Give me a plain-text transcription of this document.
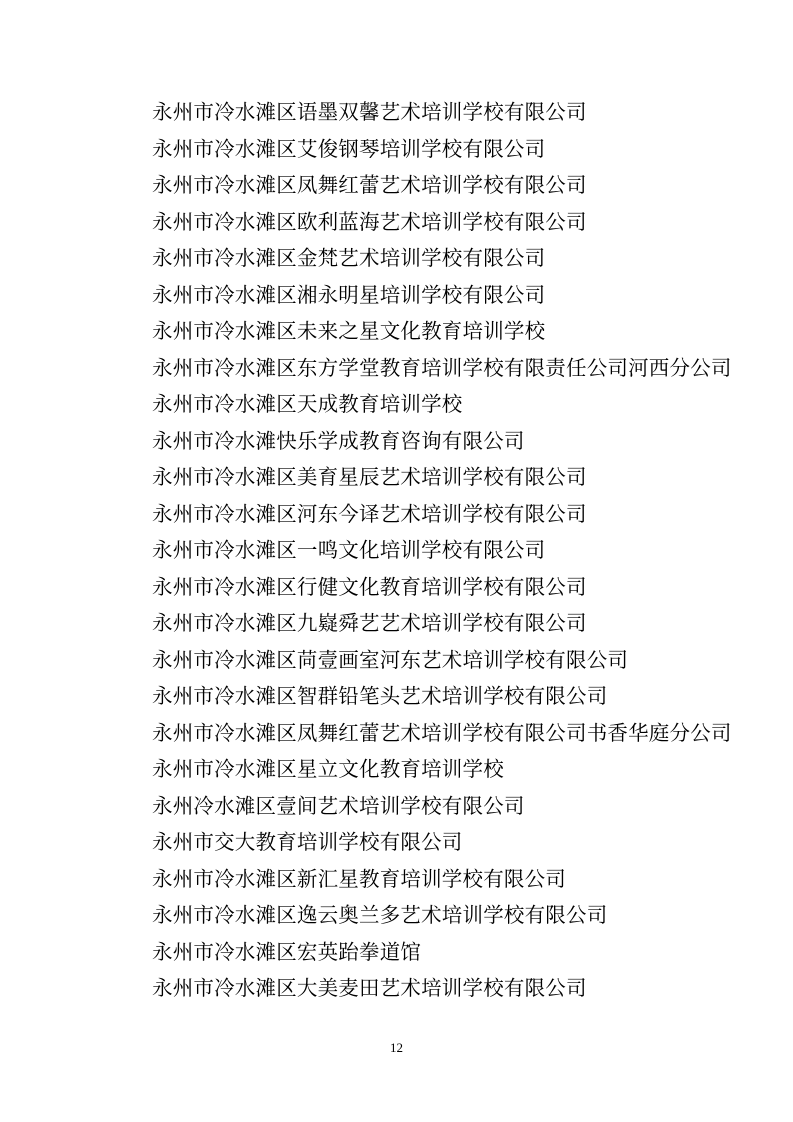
永州市冷水滩区语墨双馨艺术培训学校有限公司
永州市冷水滩区艾俊钢琴培训学校有限公司
永州市冷水滩区凤舞红蕾艺术培训学校有限公司
永州市冷水滩区欧利蓝海艺术培训学校有限公司
永州市冷水滩区金梵艺术培训学校有限公司
永州市冷水滩区湘永明星培训学校有限公司
永州市冷水滩区未来之星文化教育培训学校
永州市冷水滩区东方学堂教育培训学校有限责任公司河西分公司
永州市冷水滩区天成教育培训学校
永州市冷水滩快乐学成教育咨询有限公司
永州市冷水滩区美育星辰艺术培训学校有限公司
永州市冷水滩区河东今译艺术培训学校有限公司
永州市冷水滩区一鸣文化培训学校有限公司
永州市冷水滩区行健文化教育培训学校有限公司
永州市冷水滩区九嶷舜艺艺术培训学校有限公司
永州市冷水滩区苘壹画室河东艺术培训学校有限公司
永州市冷水滩区智群铅笔头艺术培训学校有限公司
永州市冷水滩区凤舞红蕾艺术培训学校有限公司书香华庭分公司
永州市冷水滩区星立文化教育培训学校
永州冷水滩区壹间艺术培训学校有限公司
永州市交大教育培训学校有限公司
永州市冷水滩区新汇星教育培训学校有限公司
永州市冷水滩区逸云奥兰多艺术培训学校有限公司
永州市冷水滩区宏英跆拳道馆
永州市冷水滩区大美麦田艺术培训学校有限公司
12
